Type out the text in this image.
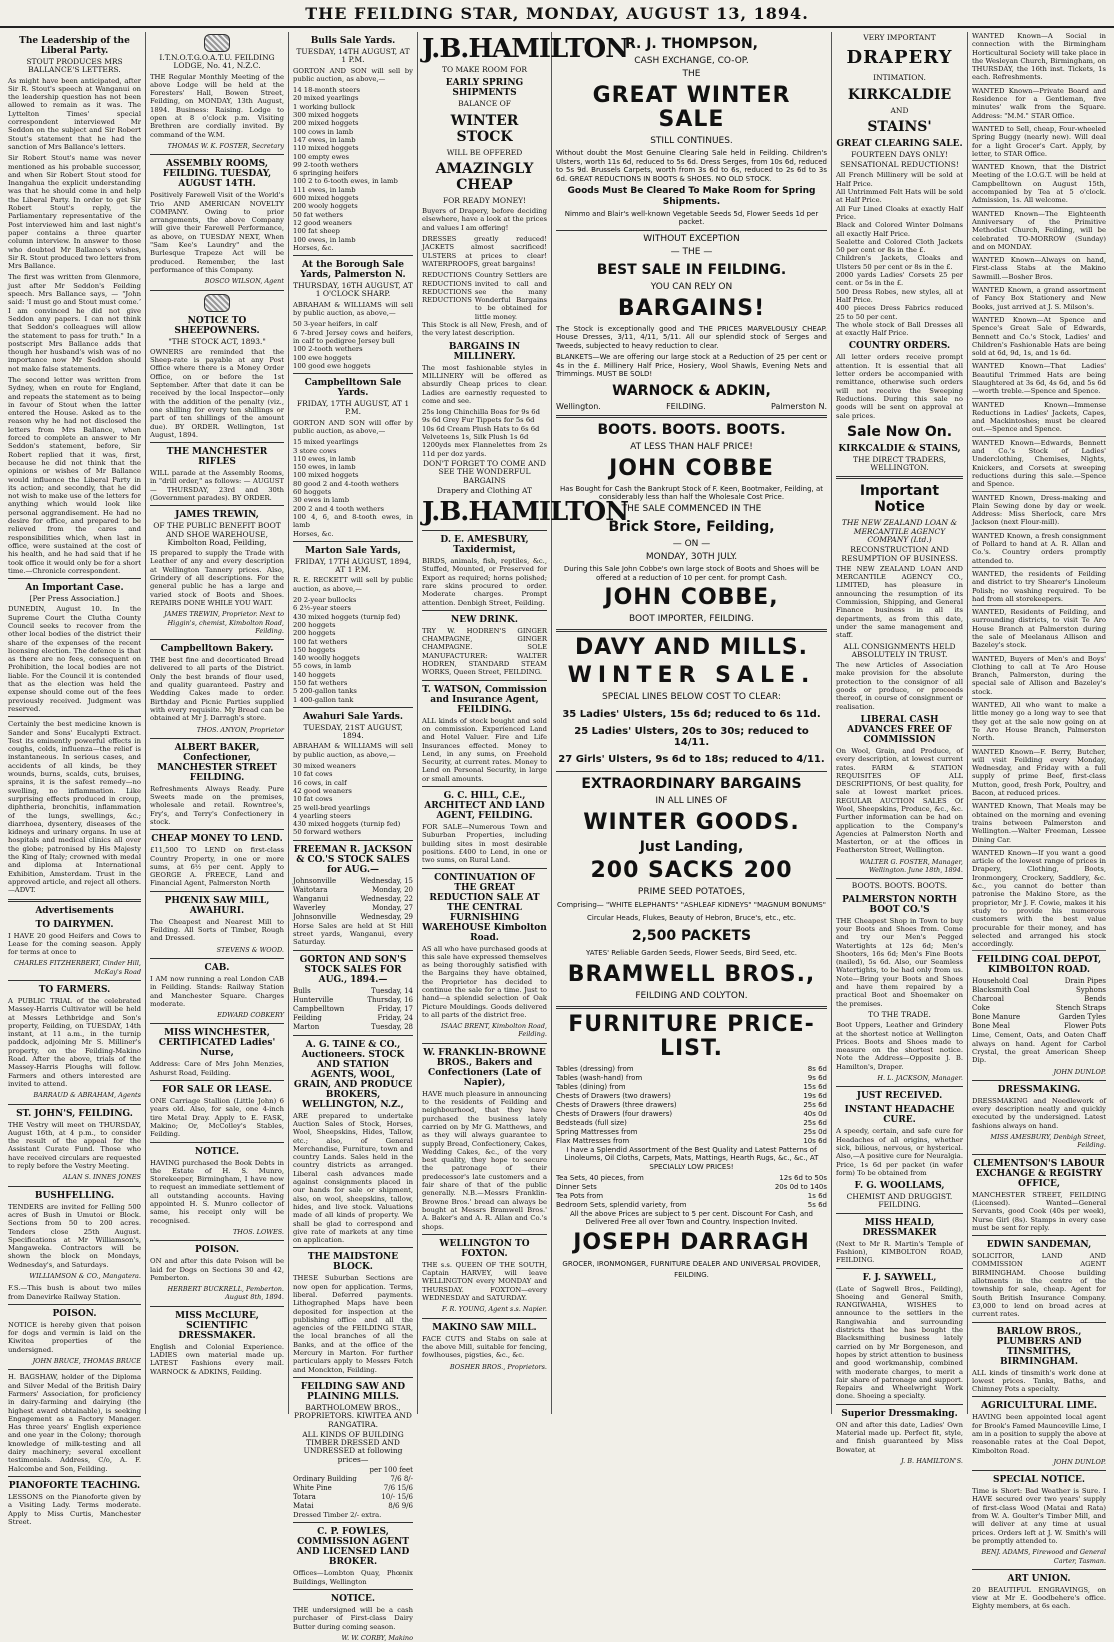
THE FEILDING STAR, MONDAY, AUGUST 13, 1894.
The Leadership of the Liberal Party.
STOUT PRODUCES MRS BALLANCE'S LETTERS.

As might have been anticipated, after Sir R. Stout's speech at Wanganui on the leadership question has not been allowed to remain as it was. The Lyttelton Times' special correspondent interviewed Mr Seddon on the subject and Sir Robert Stout's statement that he had the sanction of Mrs Ballance's letters.

Sir Robert Stout's name was never mentioned as his probable successor, and when Sir Robert Stout stood for Inangahua the explicit understanding was that he should come in and help the Liberal Party. In order to get Sir Robert Stout's reply, the Parliamentary representative of the Post interviewed him and last night's paper contains a three quarter column interview. In answer to those who doubted Mr Ballance's wishes, Sir R. Stout produced two letters from Mrs Ballance.

The first was written from Glenmore, just after Mr Seddon's Feilding speech. Mrs Ballance says, — "John said: ‘I must go and Stout must come.’ I am convinced he did not give Seddon any papers. I can not think that Seddon's colleagues will allow the statement to pass for truth." In a postscript Mrs Ballance adds that though her husband's wish was of no importance now Mr Seddon should not make false statements.

The second letter was written from Sydney, when en route for England, and repeats the statement as to being in favour of Stout when the latter entered the House. Asked as to the reason why he had not disclosed the letters from Mrs Ballance, when forced to complete an answer to Mr Seddon's statement, before, Sir Robert replied that it was, first, because he did not think that the opinions or wishes of Mr Ballance would influence the Liberal Party in its action; and secondly, that he did not wish to make use of the letters for anything which would look like personal aggrandisement. He had no desire for office, and prepared to be relieved from the cares and responsibilities which, when last in office, were sustained at the cost of his health, and he had said that if he took office it would only be for a short time.—Chronicle correspondent.

An Important Case.
[Per Press Association.]

DUNEDIN, August 10. In the Supreme Court the Clutha County Council seeks to recover from the other local bodies of the district their share of the expenses of the recent licensing election. The defence is that as there are no fees, consequent on Prohibition, the local bodies are not liable. For the Council it is contended that as the election was held the expense should come out of the fees previously received. Judgment was reserved.

Certainly the best medicine known is Sander and Sons' Eucalypti Extract. Test its eminently powerful effects in coughs, colds, influenza—the relief is instantaneous. In serious cases, and accidents of all kinds, be they wounds, burns, scalds, cuts, bruises, sprains, it is the safest remedy—no swelling, no inflammation. Like surprising effects produced in croup, diphtheria, bronchitis, inflammation of the lungs, swellings, &c.; diarrhoea, dysentery, diseases of the kidneys and urinary organs. In use at hospitals and medical clinics all over the globe; patronised by His Majesty the King of Italy; crowned with medal and diploma at International Exhibition, Amsterdam. Trust in the approved article, and reject all others.—ADVT.

Advertisements
TO DAIRYMEN.

I HAVE 20 good Heifers and Cows to Lease for the coming season. Apply for terms at once to

CHARLES FITZHERBERT, Cinder Hill, McKay's Road
TO FARMERS.

A PUBLIC TRIAL of the celebrated Massey-Harris Cultivator will be held at Messrs Lethbridge and Son's property, Feilding, on TUESDAY, 14th instant, at 11 a.m., in the turnip paddock, adjoining Mr S. Milliner's property, on the Feilding-Makino Road. After the above, trials of the Massey-Harris Ploughs will follow. Farmers and others interested are invited to attend.

BARRAUD & ABRAHAM, Agents
ST. JOHN'S, FEILDING.

THE Vestry will meet on THURSDAY, August 16th, at 4 p.m., to consider the result of the appeal for the Assistant Curate Fund. Those who have received circulars are requested to reply before the Vestry Meeting.

ALAN S. INNES JONES
BUSHFELLING.

TENDERS are invited for Felling 500 acres of Bush in Umutoi or Block. Sections from 50 to 200 acres. Tenders close 25th August. Specifications at Mr Williamson's, Mangaweka. Contractors will be shown the block on Mondays, Wednesday's, and Saturdays.

WILLIAMSON & CO., Mangatera.

F.S.—This bush is about two miles from Danevirke Railway Station.

POISON.

NOTICE is hereby given that poison for dogs and vermin is laid on the Kiwitea properties of the undersigned.

JOHN BRUCE, THOMAS BRUCE

H. BAGSHAW, holder of the Diploma and Silver Medal of the British Dairy Farmers' Association, for proficiency in dairy-farming and dairying (the highest award obtainable), is seeking Engagement as a Factory Manager. Has three years' English experience and one year in the Colony; thorough knowledge of milk-testing and all dairy machinery; several excellent testimonials. Address, C/o, A. F. Halcombe and Son, Feilding.

PIANOFORTE TEACHING.

LESSONS on the Pianoforte given by a Visiting Lady. Terms moderate. Apply to Miss Curtis, Manchester Street.

I.T.N.O.T.G.O.A.T.U. FEILDING LODGE, No. 41, N.Z.C.

THE Regular Monthly Meeting of the above Lodge will be held at the Foresters' Hall, Bowen Street, Feilding, on MONDAY, 13th August, 1894. Business: Raising. Lodge to open at 8 o'clock p.m. Visiting Brethren are cordially invited. By command of the W.M.

THOMAS W. K. FOSTER, Secretary
ASSEMBLY ROOMS, FEILDING. TUESDAY, AUGUST 14TH.

Positively Farewell Visit of the World's Trio AND AMERICAN NOVELTY COMPANY. Owing to prior arrangements, the above Company will give their Farewell Performance, as above, on TUESDAY NEXT, When "Sam Kee's Laundry" and the Burlesque Trapeze Act will be produced. Remember, the last performance of this Company.

BOSCO WILSON, Agent
NOTICE TO SHEEPOWNERS.
"THE STOCK ACT, 1893."

OWNERS are reminded that the Sheep-rate is payable at any Post Office where there is a Money Order Office, on or before the 1st September. After that date it can be received by the local Inspector—only with the addition of the penalty (viz., one shilling for every ten shillings or part of ten shillings of the amount due). BY ORDER. Wellington, 1st August, 1894.

THE MANCHESTER RIFLES

WILL parade at the Assembly Rooms, in "drill order," as follows: — AUGUST — THURSDAY, 23rd and 30th (Government parades). BY ORDER.

JAMES TREWIN,
OF THE PUBLIC BENEFIT BOOT AND SHOE WAREHOUSE, Kimbolton Road, Feilding,

IS prepared to supply the Trade with Leather of any and every description at Wellington Tannery prices. Also, Grindery of all descriptions. For the general public he has a large and varied stock of Boots and Shoes. REPAIRS DONE WHILE YOU WAIT.

JAMES TREWIN, Proprietor. Next to Higgin's, chemist, Kimbolton Road, Feilding.
Campbelltown Bakery.

THE best fine and decorticated Bread delivered to all parts of the District. Only the best brands of flour used, and quality guaranteed. Pastry and Wedding Cakes made to order. Birthday and Picnic Parties supplied with every requisite. My Bread can be obtained at Mr J. Darragh's store.

THOS. ANYON, Proprietor
ALBERT BAKER, Confectioner, MANCHESTER STREET FEILDING.

Refreshments Always Ready. Pure Sweets made on the premises, wholesale and retail. Rowntree's, Fry's, and Terry's Confectionery in stock.

CHEAP MONEY TO LEND.

£11,500 TO LEND on first-class Country Property, in one or more sums, at 6½ per cent. Apply to GEORGE A. PREECE, Land and Financial Agent, Palmerston North

PHŒNIX SAW MILL, AWAHURI.

The Cheapest and Nearest Mill to Feilding. All Sorts of Timber, Rough and Dressed.

STEVENS & WOOD.
CAB.

I AM now running a real London CAB in Feilding. Stands: Railway Station and Manchester Square. Charges moderate.

EDWARD COBKERY
MISS WINCHESTER, CERTIFICATED Ladies' Nurse,

Address: Care of Mrs John Menzies, Ashurst Road, Feilding.

FOR SALE OR LEASE.

ONE Carriage Stallion (Little John) 6 years old. Also, for sale, one 4-inch tire Metal Dray. Apply to E. FASK, Makino; Or, McColley's Stables, Feilding.

NOTICE.

HAVING purchased the Book Debts in the Estate of H. S. Munro, Storekeeper, Birmingham, I have now to request an immediate settlement of all outstanding accounts. Having appointed H. S. Munro collector of same, his receipt only will be recognised.

THOS. LOWES.
POISON.

ON and after this date Poison will be laid for Dogs on Sections 30 and 42, Pemberton.

HERBERT BUCKRELL, Pemberton. August 8th, 1894.
MISS McCLURE, SCIENTIFIC DRESSMAKER.

English and Colonial Experience. LADIES own material made up. LATEST Fashions every mail. WARNOCK & ADKINS, Feilding.

Bulls Sale Yards.
TUESDAY, 14TH AUGUST, AT 1 P.M.

GORTON AND SON will sell by public auction, as above,—

14 18-month steers
20 mixed yearlings
1 working bullock
300 mixed hoggets
200 mixed hoggets
100 cows in lamb
147 ewes, in lamb
110 mixed hoggets
100 empty ewes
99 2-tooth wethers
6 springing heifers
100 2 to 6-tooth ewes, in lamb
111 ewes, in lamb
600 mixed hoggets
200 wooly hoggets
50 fat wethers
12 good weaners
100 fat sheep
100 ewes, in lamb
Horses, &c.
At the Borough Sale Yards, Palmerston N.
THURSDAY, 16TH AUGUST, AT 1 O'CLOCK SHARP.

ABRAHAM & WILLIAMS will sell by public auction, as above,—

50 3-year heifers, in calf
6 7-bred Jersey cows and heifers, in calf to pedigree Jersey bull
100 2-tooth wethers
100 ewe hoggets
100 good ewe hoggets
Campbelltown Sale Yards.
FRIDAY, 17TH AUGUST, AT 1 P.M.

GORTON AND SON will offer by public auction, as above,—

15 mixed yearlings
3 store cows
110 ewes, in lamb
150 ewes, in lamb
100 mixed hoggets
80 good 2 and 4-tooth wethers
60 hoggets
30 ewes in lamb
200 2 and 4 tooth wethers
100 4, 6, and 8-tooth ewes, in lamb
Horses, &c.
Marton Sale Yards,
FRIDAY, 17TH AUGUST, 1894, AT 1 P.M.

R. E. RECKETT will sell by public auction, as above,—

20 2-year bullocks
6 2½-year steers
430 mixed hoggets (turnip fed)
200 hoggets
200 hoggets
100 fat wethers
150 hoggets
140 woolly hoggets
55 cows, in lamb
140 hoggets
150 fat wethers
5 200-gallon tanks
1 400-gallon tank
Awahuri Sale Yards.
TUESDAY, 21ST AUGUST, 1894.

ABRAHAM & WILLIAMS will sell by public auction, as above,—

30 mixed weaners
10 fat cows
16 cows, in calf
42 good weaners
10 fat cows
25 well-bred yearlings
4 yearling steers
430 mixed hoggets (turnip fed)
50 forward wethers
FREEMAN R. JACKSON & CO.'S STOCK SALES for AUG.—
Johnsonville	Wednesday, 15
Waitotara	Monday, 20
Wanganui	Wednesday, 22
Waverley	Monday, 27
Johnsonville	Wednesday, 29

Horse Sales are held at St Hill street yards, Wanganui, every Saturday.

GORTON AND SON'S STOCK SALES FOR AUG., 1894.—
Bulls	Tuesday, 14
Hunterville	Thursday, 16
Campbelltown	Friday, 17
Feilding	Friday, 24
Marton	Tuesday, 28
A. G. TAINE & CO., Auctioneers. STOCK AND STATION AGENTS, WOOL, GRAIN, AND PRODUCE BROKERS, WELLINGTON, N.Z.,

ARE prepared to undertake Auction Sales of Stock, Horses, Wool, Sheepskins, Hides, Tallow, etc.; also, of General Merchandise, Furniture, town and country Lands. Sales held in the country districts as arranged. Liberal cash advances made against consignments placed in our hands for sale or shipment, also, on wool, sheepskins, tallow, hides, and live stock. Valuations made of all kinds of property. We shall be glad to correspond and give rate of markets at any time on application.

THE MAIDSTONE BLOCK.

THESE Suburban Sections are now open for application. Terms, liberal. Deferred payments. Lithographed Maps have been deposited for inspection at the publishing office and all the agencies of the FEILDING STAR, the local branches of all the Banks, and at the office of the Mercury in Marton. For further particulars apply to Messrs Fetch and Monckton, Feilding.

FEILDING SAW AND PLAINING MILLS.
BARTHOLOMEW BROS., PROPRIETORS. KIWITEA AND RANGATIRA.
ALL KINDS OF BUILDING TIMBER DRESSED AND UNDRESSED at following prices—
per 100 feet
Ordinary Building	7/6 8/-
White Pine	7/6 15/6
Totara	10/- 15/6
Matai	8/6 9/6

Dressed Timber 2/- extra.

C. P. FOWLES, COMMISSION AGENT AND LICENSED LAND BROKER.

Offices—Lombton Quay, Phœnix Buildings, Wellington

NOTICE.

THE undersigned will be a cash purchaser of First-class Dairy Butter during coming season.

W. W. CORBY, Makino
J.B.HAMILTON
TO MAKE ROOM FOR
EARLY SPRING SHIPMENTS
BALANCE OF
WINTER STOCK
WILL BE OFFERED
AMAZINGLY CHEAP
FOR READY MONEY!

Buyers of Drapery, before deciding elsewhere, have a look at the prices and values I am offering!

DRESSES greatly reduced! JACKETS almost sacrificed! ULSTERS at prices to clear! WATERPROOFS, great bargains!

REDUCTIONS
REDUCTIONS
REDUCTIONS
REDUCTIONS
Country Settlers are invited to call and see the many Wonderful Bargains to be obtained for little money.

This Stock is all New, Fresh, and of the very latest description.

BARGAINS IN MILLINERY.

The most fashionable styles in MILLINERY will be offered as absurdly Cheap prices to clear. Ladies are earnestly requested to come and see.

25s long Chinchilla Boas for 9s 6d
9s 6d Grey Fur Tippets for 5s 6d
10s 6d Cream Plush Hats to 6s 6d
Velveteens 1s, Silk Plush 1s 6d
1200yds mex Flannelettes from 2s 11d per doz yards.
DON'T FORGET TO COME AND SEE THE WONDERFUL BARGAINS
Drapery and Clothing AT
J.B.HAMILTON
D. E. AMESBURY, Taxidermist,

BIRDS, animals, fish, reptiles, &c., Stuffed, Mounted, or Preserved for Export as required; horns polished; rare skins procured to order. Moderate charges. Prompt attention. Denbigh Street, Feilding.

NEW DRINK.

TRY W. HODREN'S GINGER CHAMPAGNE, GINGER CHAMPAGNE. SOLE MANUFACTURER: WALTER HODREN, STANDARD STEAM WORKS, Queen Street, FEILDING.

T. WATSON, Commission and Insurance Agent, FEILDING.

ALL kinds of stock bought and sold on commission. Experienced Land and Hotel Valuer. Fire and Life Insurances effected. Money to Lend, in any sums, on Freehold Security, at current rates. Money to Lend on Personal Security, in large or small amounts.

G. C. HILL, C.E., ARCHITECT AND LAND AGENT, FEILDING.

FOR SALE—Numerous Town and Suburban Properties, including building sites in most desirable positions. £400 to Lend, in one or two sums, on Rural Land.

CONTINUATION OF THE GREAT REDUCTION SALE AT THE CENTRAL FURNISHING WAREHOUSE Kimbolton Road.

AS all who have purchased goods at this sale have expressed themselves as being thoroughly satisfied with the Bargains they have obtained, the Proprietor has decided to continue the sale for a time. Just to hand—a splendid selection of Oak Picture Mouldings. Goods delivered to all parts of the district free.

ISAAC BRENT, Kimbolton Road, Feilding.
W. FRANKLIN-BROWNE BROS., Bakers and Confectioners (Late of Napier),

HAVE much pleasure in announcing to the residents of Feilding and neighbourhood, that they have purchased the business lately carried on by Mr G. Matthews, and as they will always guarantee to supply Bread, Confectionery, Cakes, Wedding Cakes, &c., of the very best quality, they hope to secure the patronage of their predecessor's late customers and a fair share of that of the public generally. N.B.—Messrs Franklin-Browne Bros.' bread can always be bought at Messrs Bramwell Bros.' A. Baker's and A. R. Allan and Co.'s shops.

WELLINGTON TO FOXTON.

THE s.s. QUEEN OF THE SOUTH, Captain HARVEY, will leave WELLINGTON every MONDAY and THURSDAY. FOXTON—every WEDNESDAY and SATURDAY.

F. R. YOUNG, Agent s.s. Napier.
MAKINO SAW MILL.

FACE CUTS and Stabs on sale at the above Mill, suitable for fencing, fowlhouses, pigsties, &c., &c.

BOSHER BROS., Proprietors.
R. J. THOMPSON,
CASH EXCHANGE, CO-OP.
THE
GREAT WINTER SALE
STILL CONTINUES.

Without doubt the Most Genuine Clearing Sale held in Feilding. Children's Ulsters, worth 11s 6d, reduced to 5s 6d. Dress Serges, from 10s 6d, reduced to 5s 9d. Brussels Carpets, worth from 3s 6d to 6s, reduced to 2s 6d to 3s 6d. GREAT REDUCTIONS IN BOOTS & SHOES. NO OLD STOCK.

Goods Must Be Cleared To Make Room for Spring Shipments.

Nimmo and Blair's well-known Vegetable Seeds 5d, Flower Seeds 1d per packet.

WITHOUT EXCEPTION
— THE —
BEST SALE IN FEILDING.
YOU CAN RELY ON
BARGAINS!

The Stock is exceptionally good and THE PRICES MARVELOUSLY CHEAP. House Dresses, 3/11, 4/11, 5/11. All our splendid stock of Serges and Tweeds, subjected to heavy reduction to clear.

BLANKETS—We are offering our large stock at a Reduction of 25 per cent or 4s in the £. Millinery Half Price, Hosiery, Wool Shawls, Evening Nets and Trimmings. MUST BE SOLD!

WARNOCK & ADKIN,
Wellington.	FEILDING.	Palmerston N.
BOOTS. BOOTS. BOOTS.
AT LESS THAN HALF PRICE!
JOHN COBBE

Has Bought for Cash the Bankrupt Stock of F. Keen, Bootmaker, Feilding, at considerably less than half the Wholesale Cost Price.

THE SALE COMMENCED IN THE
Brick Store, Feilding,
— ON —
MONDAY, 30TH JULY.

During this Sale John Cobbe's own large stock of Boots and Shoes will be offered at a reduction of 10 per cent. for prompt Cash.

JOHN COBBE,
BOOT IMPORTER, FEILDING.
DAVY AND MILLS.
WINTER SALE.
SPECIAL LINES BELOW COST TO CLEAR:
35 Ladies' Ulsters, 15s 6d; reduced to 6s 11d.
25 Ladies' Ulsters, 20s to 30s; reduced to 14/11.
27 Girls' Ulsters, 9s 6d to 18s; reduced to 4/11.
EXTRAORDINARY BARGAINS
IN ALL LINES OF
WINTER GOODS.
Just Landing,
200 SACKS 200
PRIME SEED POTATOES,
Comprising— "WHITE ELEPHANTS" "ASHLEAF KIDNEYS" "MAGNUM BONUMS"
Circular Heads, Flukes, Beauty of Hebron, Bruce's, etc., etc.
2,500 PACKETS
YATES' Reliable Garden Seeds, Flower Seeds, Bird Seed, etc.
BRAMWELL BROS.,
FEILDING AND COLYTON.
FURNITURE PRICE-LIST.
Tables (dressing) from	8s 6d
Tables (wash-hand) from	9s 6d
Tables (dining) from	15s 6d
Chests of Drawers (two drawers)	19s 6d
Chests of Drawers (three drawers)	25s 6d
Chests of Drawers (four drawers)	40s 0d
Bedsteads (full size)	25s 6d
Spring Mattresses from	25s 0d
Flax Mattresses from	10s 6d

I have a Splendid Assortment of the Best Quality and Latest Patterns of Linoleums, Oil Cloths, Carpets, Mats, Mattings, Hearth Rugs, &c., &c., AT SPECIALLY LOW PRICES!

Tea Sets, 40 pieces, from	12s 6d to 50s
Dinner Sets	20s 0d to 140s
Tea Pots from	1s 6d
Bedroom Sets, splendid variety, from	5s 6d

All the above Prices are subject to 5 per cent. Discount For Cash, and Delivered Free all over Town and Country. Inspection Invited.

JOSEPH DARRAGH
GROCER, IRONMONGER, FURNITURE DEALER AND UNIVERSAL PROVIDER, FEILDING.
VERY IMPORTANT
DRAPERY
INTIMATION.
KIRKCALDIE
AND
STAINS'
GREAT CLEARING SALE.
FOURTEEN DAYS ONLY!
SENSATIONAL REDUCTIONS!
All French Millinery will be sold at Half Price.
All Untrimmed Felt Hats will be sold at Half Price.
All Fur Lined Cloaks at exactly Half Price.
Black and Colored Winter Dolmans all exactly Half Price.
Sealette and Colored Cloth Jackets 50 per cent or 8s in the £.
Children's Jackets, Cloaks and Ulsters 50 per cent or 8s in the £.
2000 yards Ladies' Corsets 25 per cent. or 5s in the £.
500 Dress Robes, new styles, all at Half Price.
400 pieces Dress Fabrics reduced 25 to 50 per cent.
The whole stock of Ball Dresses all at exactly Half Price.
COUNTRY ORDERS.

All letter orders receive prompt attention. It is essential that all letter orders be accompanied with remittance, otherwise such orders will not receive the Sweeping Reductions. During this sale no goods will be sent on approval at sale prices.

Sale Now On.
KIRKCALDIE & STAINS,
THE DIRECT TRADERS, WELLINGTON.
Important Notice
THE NEW ZEALAND LOAN & MERCANTILE AGENCY COMPANY (Ltd.)
RECONSTRUCTION AND RESUMPTION OF BUSINESS.

THE NEW ZEALAND LOAN AND MERCANTILE AGENCY CO., LIMITED, has pleasure in announcing the resumption of its Commission, Shipping, and General Finance business in all its departments, as from this date, under the same management and staff.

ALL CONSIGNMENTS HELD ABSOLUTELY IN TRUST.

The new Articles of Association make provision for the absolute protection to the consignor of all goods or produce, or proceeds thereof, in course of consignment or realisation.

LIBERAL CASH ADVANCES FREE OF COMMISSION

On Wool, Grain, and Produce, of every description, at lowest current rates. FARM & STATION REQUISITES OF ALL DESCRIPTIONS, Of best quality, for sale at lowest market prices. REGULAR AUCTION SALES Of Wool, Sheepskins, Produce, &c., &c. Further information can be had on application to the Company's Agencies at Palmerston North and Masterton, or at the offices in Featherston Street, Wellington.

WALTER G. FOSTER, Manager, Wellington. June 18th, 1894.
BOOTS. BOOTS. BOOTS.
PALMERSTON NORTH BOOT CO.'S

THE Cheapest Shop in Town to buy your Boots and Shoes from. Come and try our Men's Pegged Watertights at 12s 6d; Men's Shooters, 16s 6d; Men's Fine Boots (nailed), 5s 6d. Also, our Seamless Watertights, to be had only from us. Note—Bring your Boots and Shoes and have them repaired by a practical Boot and Shoemaker on the premises.

TO THE TRADE.

Boot Uppers, Leather and Grindery at the shortest notice at Wellington Prices. Boots and Shoes made to measure on the shortest notice. Note the Address—Opposite J. B. Hamilton's, Draper.

H. L. JACKSON, Manager.
JUST RECEIVED.
INSTANT HEADACHE CURE.

A speedy, certain, and safe cure for Headaches of all origins, whether sick, bilious, nervous, or hysterical. Also,—A positive cure for Neuralgia. Price, 1s 6d per packet (in wafer form) To be obtained from

F. G. WOOLLAMS,
CHEMIST AND DRUGGIST. FEILDING.
MISS HEALD, DRESSMAKER

(Next to Mr R. Martin's Temple of Fashion), KIMBOLTON ROAD, FEILDING.

F. J. SAYWELL,

(Late of Sagwell Bros., Feilding), Shoeing and General Smith, RANGIWAHIA, WISHES to announce to the settlers in the Rangiwahia and surrounding districts that he has bought the Blacksmithing business lately carried on by Mr Borgeneson, and hopes by strict attention to business and good workmanship, combined with moderate charges, to merit a fair share of patronage and support. Repairs and Wheelwright Work done. Shoeing a specialty.

Superior Dressmaking.

ON and after this date, Ladies' Own Material made up. Perfect fit, style, and finish guaranteed by Miss Bowater, at

J. B. HAMILTON'S.

WANTED Known—A Social in connection with the Birmingham Horticultural Society will take place in the Wesleyan Church, Birmingham, on THURSDAY, the 16th inst. Tickets, 1s each. Refreshments.

WANTED Known—Private Board and Residence for a Gentleman, five minutes' walk from the Square. Address: "M.M." STAR Office.

WANTED to Sell, cheap, Four-wheeled Spring Buggy (nearly new). Will deal for a light Grocer's Cart. Apply, by letter, to STAR Office.

WANTED Known, that the District Meeting of the I.O.G.T. will be held at Campbelltown on August 15th, accompanied by Tea at 5 o'clock. Admission, 1s. All welcome.

WANTED Known—The Eighteenth Anniversary of the Primitive Methodist Church, Feilding, will be celebrated TO-MORROW (Sunday) and on MONDAY.

WANTED Known—Always on hand, First-class Stabs at the Makino Sawmill.—Bosher Bros.

WANTED Known, a grand assortment of Fancy Box Stationery and New Books, just arrived at J. S. Milson's.

WANTED Known—At Spence and Spence's Great Sale of Edwards, Bennett and Co.'s Stock, Ladies' and Children's Fashionable Hats are being sold at 6d, 9d, 1s, and 1s 6d.

WANTED Known—That Ladies' Beautiful Trimmed Hats are being Slaughtered at 3s 6d, 4s 6d, and 5s 6d—worth treble.—Spence and Spence.

WANTED Known—Immense Reductions in Ladies' Jackets, Capes, and Mackintoshes; must be cleared out.—Spence and Spence.

WANTED Known—Edwards, Bennett and Co.'s Stock of Ladies' Underclothing, Chemises, Nights, Knickers, and Corsets at sweeping reductions during this sale.—Spence and Spence.

WANTED Known, Dress-making and Plain Sewing done by day or week. Address: Miss Sherlock, care Mrs Jackson (next Flour-mill).

WANTED Known, a fresh consignment of Pollard to hand at A. R. Allan and Co.'s. Country orders promptly attended to.

WANTED, the residents of Feilding and district to try Shearer's Linoleum Polish; no washing required. To be had from all storekeepers.

WANTED, Residents of Feilding, and surrounding districts, to visit Te Aro House Branch at Palmerston during the sale of Meelanaus Allison and Bazeley's stock.

WANTED, Buyers of Men's and Boys' Clothing to call at Te Aro House Branch, Palmerston, during the special sale of Allison and Bazeley's stock.

WANTED, All who want to make a little money go a long way to see that they get at the sale now going on at Te Aro House Branch, Palmerston North.

WANTED Known—F. Berry, Butcher, will visit Feilding every Monday, Wednesday, and Friday with a full supply of prime Beef, first-class Mutton, good, fresh Pork, Poultry, and Bacon, at reduced prices.

WANTED Known, That Meals may be obtained on the morning and evening trains between Palmerston and Wellington.—Walter Freeman, Lessee Dining Car.

WANTED Known—If you want a good article of the lowest range of prices in Drapery, Clothing, Boots, Ironmongery, Crockery, Saddlery, &c. &c., you cannot do better than patronise the Makino Store, as the proprietor, Mr J. F. Cowie, makes it his study to provide his numerous customers with the best value procurable for their money, and has selected and arranged his stock accordingly.

FEILDING COAL DEPOT, KIMBOLTON ROAD.
Household Coal	Drain Pipes
Blacksmith Coal	Syphons
Charcoal	Bends
Coke	Stench Straps
Bone Manure	Garden Tyles
Bone Meal	Flower Pots

Lime, Cement, Oats, and Oaten Chaff always on hand. Agent for Carbol Crystal, the great American Sheep Dip.

JOHN DUNLOP.
DRESSMAKING.

DRESSMAKING and Needlework of every description neatly and quickly executed by the undersigned. Latest fashions always on hand.

MISS AMESBURY, Denbigh Street, Feilding.
CLEMENTSON'S LABOUR EXCHANGE & REGISTRY OFFICE,

MANCHESTER STREET, FEILDING (Licensed). Wanted—General Servants, good Cook (40s per week), Nurse Girl (8s). Stamps in every case must be sent for reply.

EDWIN SANDEMAN,

SOLICITOR, LAND AND COMMISSION AGENT BIRMINGHAM. Choose building allotments in the centre of the township for sale, cheap. Agent for South British Insurance Company. £3,000 to lend on broad acres at current rates.

BARLOW BROS., PLUMBERS AND TINSMITHS, BIRMINGHAM.

ALL kinds of tinsmith's work done at lowest prices. Tanks, Baths, and Chimney Pots a specialty.

AGRICULTURAL LIME.

HAVING been appointed local agent for Brook's Famed Maunceville Lime, I am in a position to supply the above at reasonable rates at the Coal Depot, Kimbolton Road.

JOHN DUNLOP.
SPECIAL NOTICE.

Time is Short: Bad Weather is Sure. I HAVE secured over two years' supply of first-class Wood (Matai and Rata) from W. A. Goulter's Timber Mill, and will deliver at any time at usual prices. Orders left at J. W. Smith's will be promptly attended to.

BENJ. ADAMS, Firewood and General Carter, Tasman.
ART UNION.

20 BEAUTIFUL ENGRAVINGS, on view at Mr E. Goodbehere's office. Eighty members, at 6s each.
